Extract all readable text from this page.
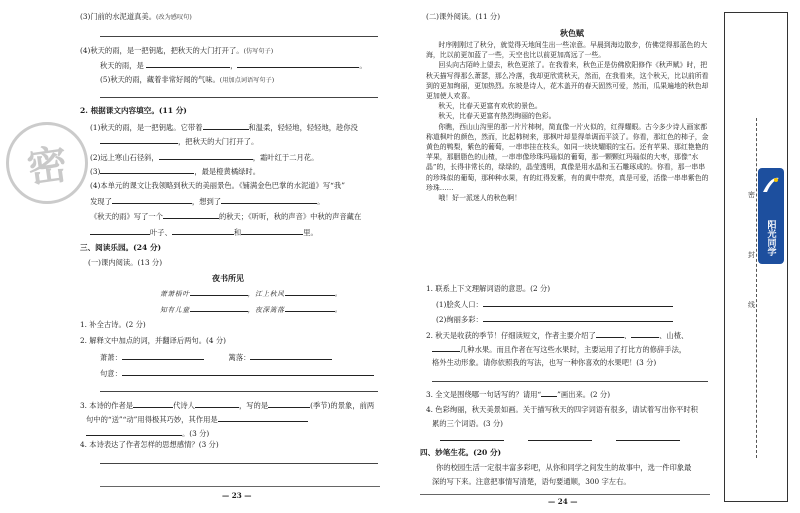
密
(3)门前的水泥道真美。(改为感叹句)
(4)秋天的雨，是一把钥匙，把秋天的大门打开了。(仿写句子)
秋天的雨，是	，	。
(5)秋天的雨，藏着非常好闻的气味。(用加点词语写句子)
2. 根据课文内容填空。(11 分)
(1)秋天的雨，是一把钥匙。它带着	和温柔，轻轻地，轻轻地，趁你没
，把秋天的大门打开了。
(2)远上寒山石径斜，	，霜叶红于二月花。
(3)	，最是橙黄橘绿时。
(4)本单元的课文让我领略到秋天的美丽景色。《铺满金色巴掌的水泥道》写“我”
发现了	，想到了	。
《秋天的雨》写了一个	的秋天；《听听，秋的声音》中秋的声音藏在
叶子、	和	里。
三、阅读乐园。(24 分)
(一)课内阅读。(13 分)
夜书所见
萧萧梧叶	，江上秋风	。
知有儿童	，夜深篱落	。
1. 补全古诗。(2 分)
2. 解释文中加点的词，并翻译后两句。(4 分)
萧萧：	篱落：
句意：
3. 本诗的作者是	代诗人	，写的是	(季节)的景象，前两
句中的“送”“动”用得极其巧妙，其作用是
。(3 分)
4. 本诗表达了作者怎样的思想感情？(3 分)
— 23 —
(二)课外阅读。(11 分)
秋色赋

时序刚刚过了秋分，就觉得天地间生出一些凉意。早晨到海边散步，仿佛觉得那蓝色的大海，比以前更加蓝了一些，天空也比以前更加高远了一些。

回头向古陌岭上望去，秋色更浓了。在我看来，秋色正是仿佛欧阳修作《秋声赋》时，把秋天描写得那么萧瑟，那么冷落，我却更欣赏秋天，然而，在我看来，这个秋天，比以前所看到的更加绚丽，更加热烈。东坡是诗人，花木盖开的春天固然可爱，然而，瓜果遍地的秋色却更加使人欢喜。

秋天，比春天更富有欢欣的景色。

秋天，比春天更富有热烈绚丽的色彩。

你瞧，西山山沟里的那一片片柿树，简直像一片火似的，红得耀眼。古今多少诗人画家都称道枫叶的颜色，然而，比起柿树来，那枫叶却显得单调而平淡了。你看，那红色的柿子，金黄色的鸭梨，紫色的葡萄，一串串挂在枝头，如同一块块耀眼的宝石。还有苹果、那红艳艳的苹果，那胭脂色的山楂，一串串像珍珠玛瑙似的葡萄，那一颗颗红玛瑙似的大枣，那像“水晶”的，长得非常长的，绿绿的，晶莹透明，真像是用水晶和玉石雕琢成的。你看，那一串串的珍珠似的葡萄，那种种水果，有的红得发紫，有的黄中带亮，真是可爱，活像一串串紫色的珍珠……

哦！好一派迷人的秋色啊！

1. 联系上下文理解词语的意思。(2 分)
(1)脍炙人口：
(2)绚丽多彩：
2. 秋天是收获的季节！仔细读短文，作者主要介绍了	、	、山楂、
几种水果。而且作者在写这些水果时，主要运用了打比方的修辞手法，
格外生动形象。请你依照我的写法，也写一种你喜欢的水果吧！(3 分)
3. 全文是围绕哪一句话写的？请用“ ”画出来。(2 分)
4. 色彩绚丽，秋天美景如画。关于描写秋天的四字词语有很多，请试着写出你平时积
累的三个词语。(3 分)
四、妙笔生花。(20 分)
你的校园生活一定很丰富多彩吧，从你和同学之间发生的故事中，选一件印象最
深的写下来。注意把事情写清楚，语句要通顺，300 字左右。
— 24 —
密
封
线
阳光同学
